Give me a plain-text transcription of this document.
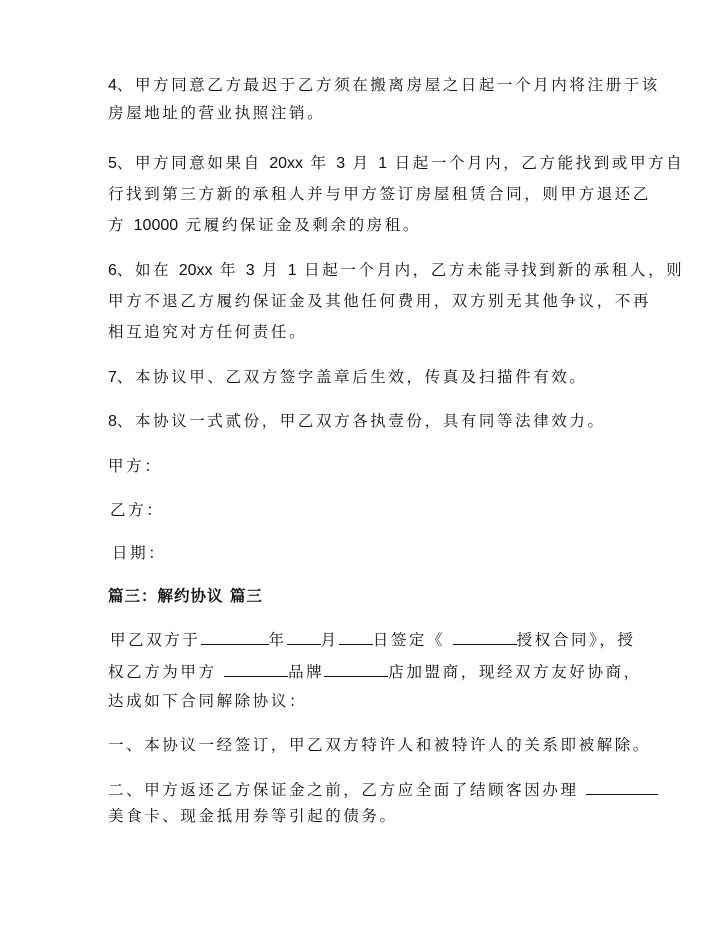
4、甲方同意乙方最迟于乙方须在搬离房屋之日起一个月内将注册于该
房屋地址的营业执照注销。
5、甲方同意如果自 20xx 年 3 月 1 日起一个月内，乙方能找到或甲方自
行找到第三方新的承租人并与甲方签订房屋租赁合同，则甲方退还乙
方 10000 元履约保证金及剩余的房租。
6、如在 20xx 年 3 月 1 日起一个月内，乙方未能寻找到新的承租人，则
甲方不退乙方履约保证金及其他任何费用，双方别无其他争议，不再
相互追究对方任何责任。
7、本协议甲、乙双方签字盖章后生效，传真及扫描件有效。
8、本协议一式贰份，甲乙双方各执壹份，具有同等法律效力。
甲方：
乙方：
日期：
篇三：解约协议 篇三
甲乙双方于	年 月 日签定《	授权合同》，授
权乙方为甲方	品牌	店加盟商，现经双方友好协商，
达成如下合同解除协议：
一、本协议一经签订，甲乙双方特许人和被特许人的关系即被解除。
二、甲方返还乙方保证金之前，乙方应全面了结顾客因办理
美食卡、现金抵用券等引起的债务。
